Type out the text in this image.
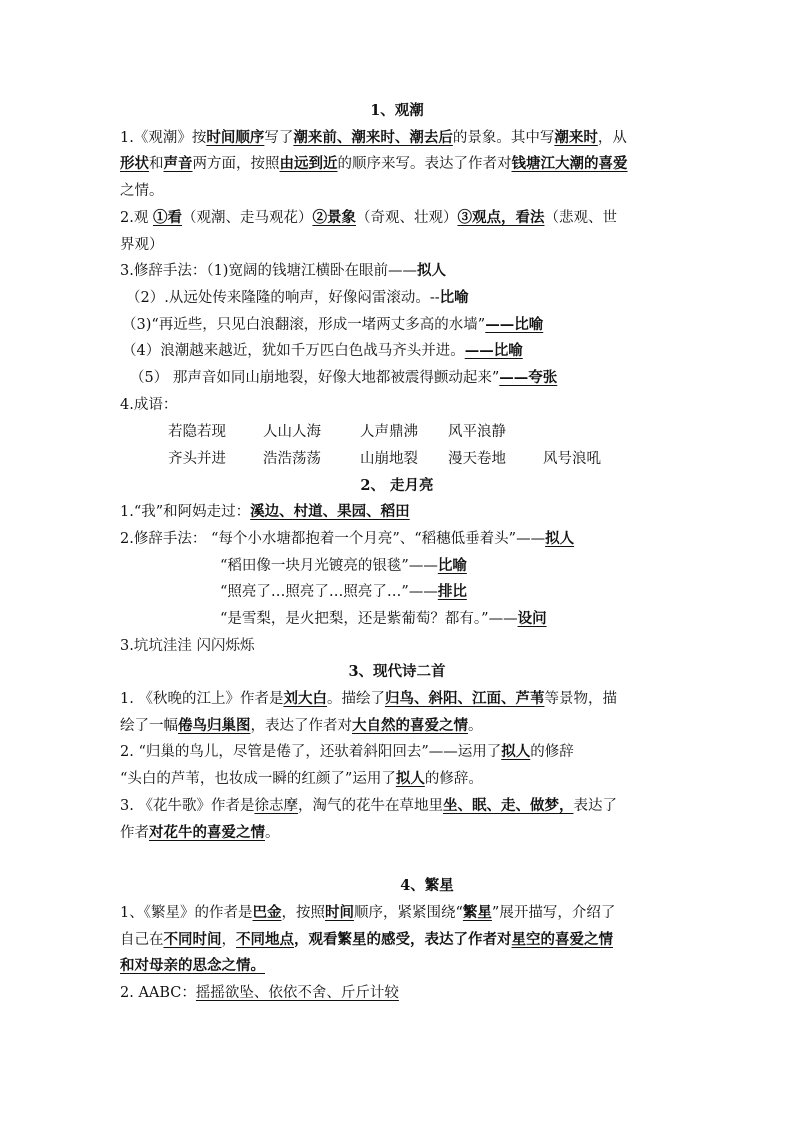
1、观潮
1.《观潮》按时间顺序写了潮来前、潮来时、潮去后的景象。其中写潮来时，从
形状和声音两方面，按照由远到近的顺序来写。表达了作者对钱塘江大潮的喜爱
之情。
2.观 ①看（观潮、走马观花）②景象（奇观、壮观）③观点，看法（悲观、世
界观）
3.修辞手法：（1)宽阔的钱塘江横卧在眼前——拟人
（2）.从远处传来隆隆的响声，好像闷雷滚动。--比喻
（3)“再近些，只见白浪翻滚，形成一堵两丈多高的水墙”——比喻
（4）浪潮越来越近，犹如千万匹白色战马齐头并进。——比喻
（5） 那声音如同山崩地裂，好像大地都被震得颤动起来”——夸张
4.成语：
若隐若现	人山人海	人声鼎沸 风平浪静
齐头并进	浩浩荡荡	山崩地裂 漫天卷地	风号浪吼
2、 走月亮
1.“我”和阿妈走过：溪边、村道、果园、稻田
2.修辞手法： “每个小水塘都抱着一个月亮”、“稻穗低垂着头”——拟人
“稻田像一块月光镀亮的银毯”——比喻
“照亮了…照亮了…照亮了…”——排比
“是雪梨，是火把梨，还是紫葡萄？都有。”——设问
3.坑坑洼洼 闪闪烁烁
3、现代诗二首
1. 《秋晚的江上》作者是刘大白。描绘了归鸟、斜阳、江面、芦苇等景物，描
绘了一幅倦鸟归巢图，表达了作者对大自然的喜爱之情。
2. “归巢的鸟儿，尽管是倦了，还驮着斜阳回去”——运用了拟人的修辞
“头白的芦苇，也妆成一瞬的红颜了”运用了拟人的修辞。
3. 《花牛歌》作者是徐志摩，淘气的花牛在草地里坐、眠、走、做梦，表达了
作者对花牛的喜爱之情。
4、繁星
1、《繁星》的作者是巴金，按照时间顺序，紧紧围绕“繁星”展开描写，介绍了
自己在不同时间，不同地点，观看繁星的感受，表达了作者对星空的喜爱之情
和对母亲的思念之情。
2. AABC：摇摇欲坠、依依不舍、斤斤计较
